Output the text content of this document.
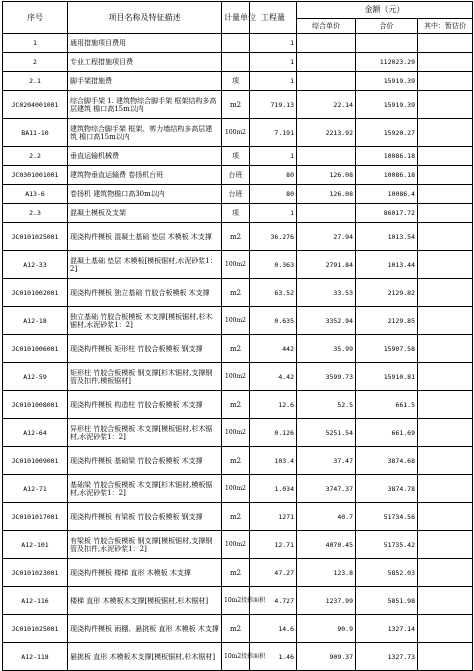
序号	项目名称及特征描述	计量单位	工程量	金额（元）		
				综合单价	合价	其中：暂估价
1	通用措施项目费用		1			
2	专业工程措施项目费		1		112023.29	
2.1	脚手架措施费	项	1		15919.39	
JC0204001001	综合脚手架 1. 建筑物综合脚手架 框架结构多高层建筑 檐口高15m以内	m2	719.13	22.14	15919.39	
BA11-10	建筑物综合脚手架 框架、剪力墙结构多高层建筑 檐口高15m以内	100m2	7.191	2213.92	15920.27	
2.2	垂直运输机械费	项	1		10086.18	
JC0301001001	建筑物垂直运输费 卷扬机台班	台班	80	126.08	10086.18	
A13-6	卷扬机 建筑物檐口高30m以内	台班	80	126.08	10086.4	
2.3	混凝土模板及支架	项	1		86017.72	
JC0101025001	现浇构件模板 混凝土基础 垫层 木模板 木支撑	m2	36.276	27.94	1013.54	
A12-33	混凝土基础 垫层 木模板[模板锯材,水泥砂浆1：2]	100m2	0.363	2791.84	1013.44	
JC0101002001	现浇构件模板 独立基础 竹胶合板模板 木支撑	m2	63.52	33.53	2129.82	
A12-18	独立基础 竹胶合板模板 木支撑[模板锯材,杉木锯材,水泥砂浆1：2]	100m2	0.635	3352.94	2129.85	
JC0101006001	现浇构件模板 矩形柱 竹胶合板模板 钢支撑	m2	442	35.99	15907.58	
A12-59	矩形柱 竹胶合板模板 钢支撑[杉木锯材,支撑钢管及扣件,模板锯材]	100m2	4.42	3599.73	15910.81	
JC0101008001	现浇构件模板 构造柱 竹胶合板模板 木支撑	m2	12.6	52.5	661.5	
A12-64	异形柱 竹胶合板模板 木支撑[模板锯材,杉木锯材,水泥砂浆1：2]	100m2	0.126	5251.54	661.69	
JC0101009001	现浇构件模板 基础梁 竹胶合板模板 木支撑	m2	103.4	37.47	3874.68	
A12-71	基础梁 竹胶合板模板 木支撑[杉木锯材,模板锯材,水泥砂浆1：2]	100m2	1.034	3747.37	3874.78	
JC0101017001	现浇构件模板 有梁板 竹胶合板模板 钢支撑	m2	1271	40.7	51734.56	
A12-101	有梁板 竹胶合板模板 钢支撑[模板锯材,支撑钢管及扣件,水泥砂浆1：2]	100m2	12.71	4070.45	51735.42	
JC0101023001	现浇构件模板 楼梯 直形 木模板 木支撑	m2	47.27	123.8	5852.03	
A12-116	楼梯 直形 木模板木支撑[模板锯材,杉木锯材]	10m2投影面积	4.727	1237.99	5851.98	
JC0101025001	现浇构件模板 雨棚、悬挑板 直形 木模板 木支撑	m2	14.6	90.9	1327.14	
A12-118	悬挑板 直形 木模板木支撑[模板锯材,杉木锯材]	10m2投影面积	1.46	909.37	1327.73	
